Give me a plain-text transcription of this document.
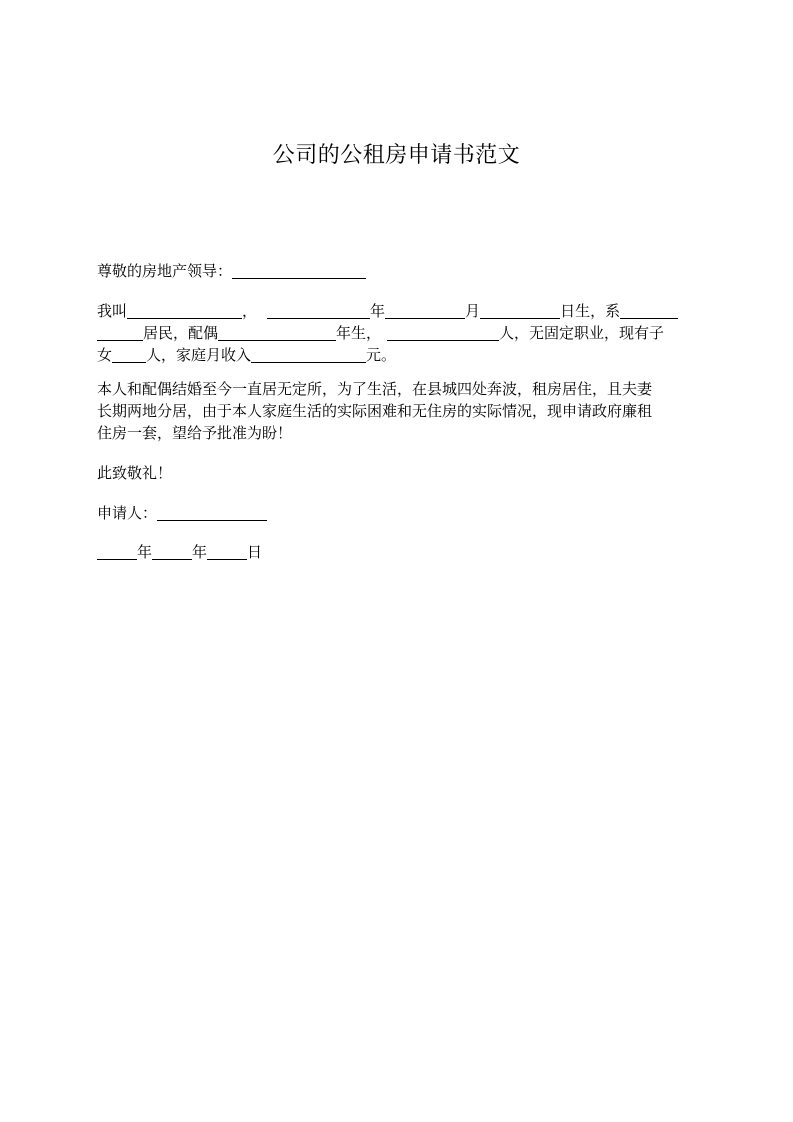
公司的公租房申请书范文
尊敬的房地产领导：
我叫	，	年	月	日生，系
居民，配偶	年生，	人，无固定职业，现有子
女 人，家庭月收入	元。
本人和配偶结婚至今一直居无定所，为了生活，在县城四处奔波，租房居住，且夫妻
长期两地分居，由于本人家庭生活的实际困难和无住房的实际情况，现申请政府廉租
住房一套，望给予批准为盼！
此致敬礼！
申请人：
年	年	日
